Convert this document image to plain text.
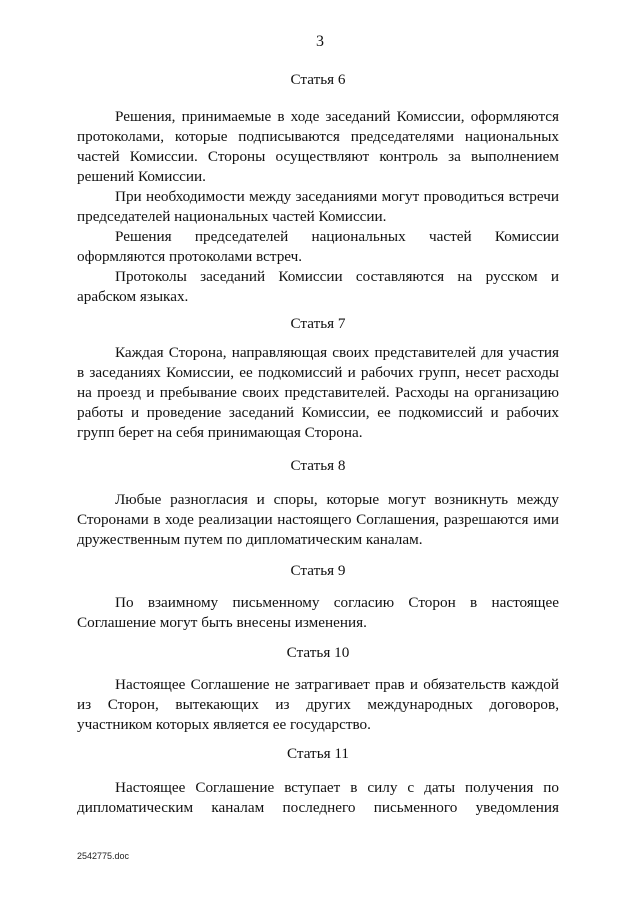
3

Статья 6

Решения, принимаемые в ходе заседаний Комиссии, оформляются протоколами, которые подписываются председателями национальных частей Комиссии. Стороны осуществляют контроль за выполнением решений Комиссии.

При необходимости между заседаниями могут проводиться встречи председателей национальных частей Комиссии.

Решения председателей национальных частей Комиссии оформляются протоколами встреч.

Протоколы заседаний Комиссии составляются на русском и арабском языках.

Статья 7

Каждая Сторона, направляющая своих представителей для участия в заседаниях Комиссии, ее подкомиссий и рабочих групп, несет расходы на проезд и пребывание своих представителей. Расходы на организацию работы и проведение заседаний Комиссии, ее подкомиссий и рабочих групп берет на себя принимающая Сторона.

Статья 8

Любые разногласия и споры, которые могут возникнуть между Сторонами в ходе реализации настоящего Соглашения, разрешаются ими дружественным путем по дипломатическим каналам.

Статья 9

По взаимному письменному согласию Сторон в настоящее Соглашение могут быть внесены изменения.

Статья 10

Настоящее Соглашение не затрагивает прав и обязательств каждой из Сторон, вытекающих из других международных договоров, участником которых является ее государство.

Статья 11

Настоящее Соглашение вступает в силу с даты получения по дипломатическим каналам последнего письменного уведомления

2542775.doc
